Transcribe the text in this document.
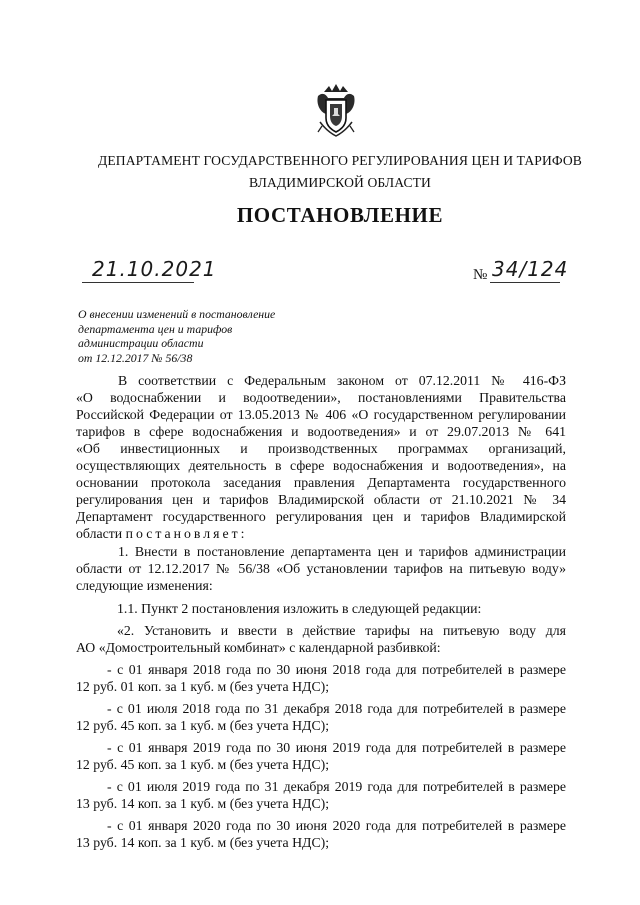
ДЕПАРТАМЕНТ ГОСУДАРСТВЕННОГО РЕГУЛИРОВАНИЯ ЦЕН И ТАРИФОВ
ВЛАДИМИРСКОЙ ОБЛАСТИ
ПОСТАНОВЛЕНИЕ
21.10.2021	№ 34/124
О внесении изменений в постановление
департамента цен и тарифов
администрации области
от 12.12.2017 № 56/38
В соответствии с Федеральным законом от 07.12.2011 № 416-ФЗ
«О водоснабжении и водоотведении», постановлениями Правительства
Российской Федерации от 13.05.2013 № 406 «О государственном регулировании
тарифов в сфере водоснабжения и водоотведения» и от 29.07.2013 № 641
«Об инвестиционных и производственных программах организаций,
осуществляющих деятельность в сфере водоснабжения и водоотведения», на
основании протокола заседания правления Департамента государственного
регулирования цен и тарифов Владимирской области от 21.10.2021 № 34
Департамент государственного регулирования цен и тарифов Владимирской
области постановляет:
1. Внести в постановление департамента цен и тарифов администрации
области от 12.12.2017 № 56/38 «Об установлении тарифов на питьевую воду»
следующие изменения:
1.1. Пункт 2 постановления изложить в следующей редакции:
«2. Установить и ввести в действие тарифы на питьевую воду для
АО «Домостроительный комбинат» с календарной разбивкой:
- с 01 января 2018 года по 30 июня 2018 года для потребителей в размере
12 руб. 01 коп. за 1 куб. м (без учета НДС);
- с 01 июля 2018 года по 31 декабря 2018 года для потребителей в размере
12 руб. 45 коп. за 1 куб. м (без учета НДС);
- с 01 января 2019 года по 30 июня 2019 года для потребителей в размере
12 руб. 45 коп. за 1 куб. м (без учета НДС);
- с 01 июля 2019 года по 31 декабря 2019 года для потребителей в размере
13 руб. 14 коп. за 1 куб. м (без учета НДС);
- с 01 января 2020 года по 30 июня 2020 года для потребителей в размере
13 руб. 14 коп. за 1 куб. м (без учета НДС);
